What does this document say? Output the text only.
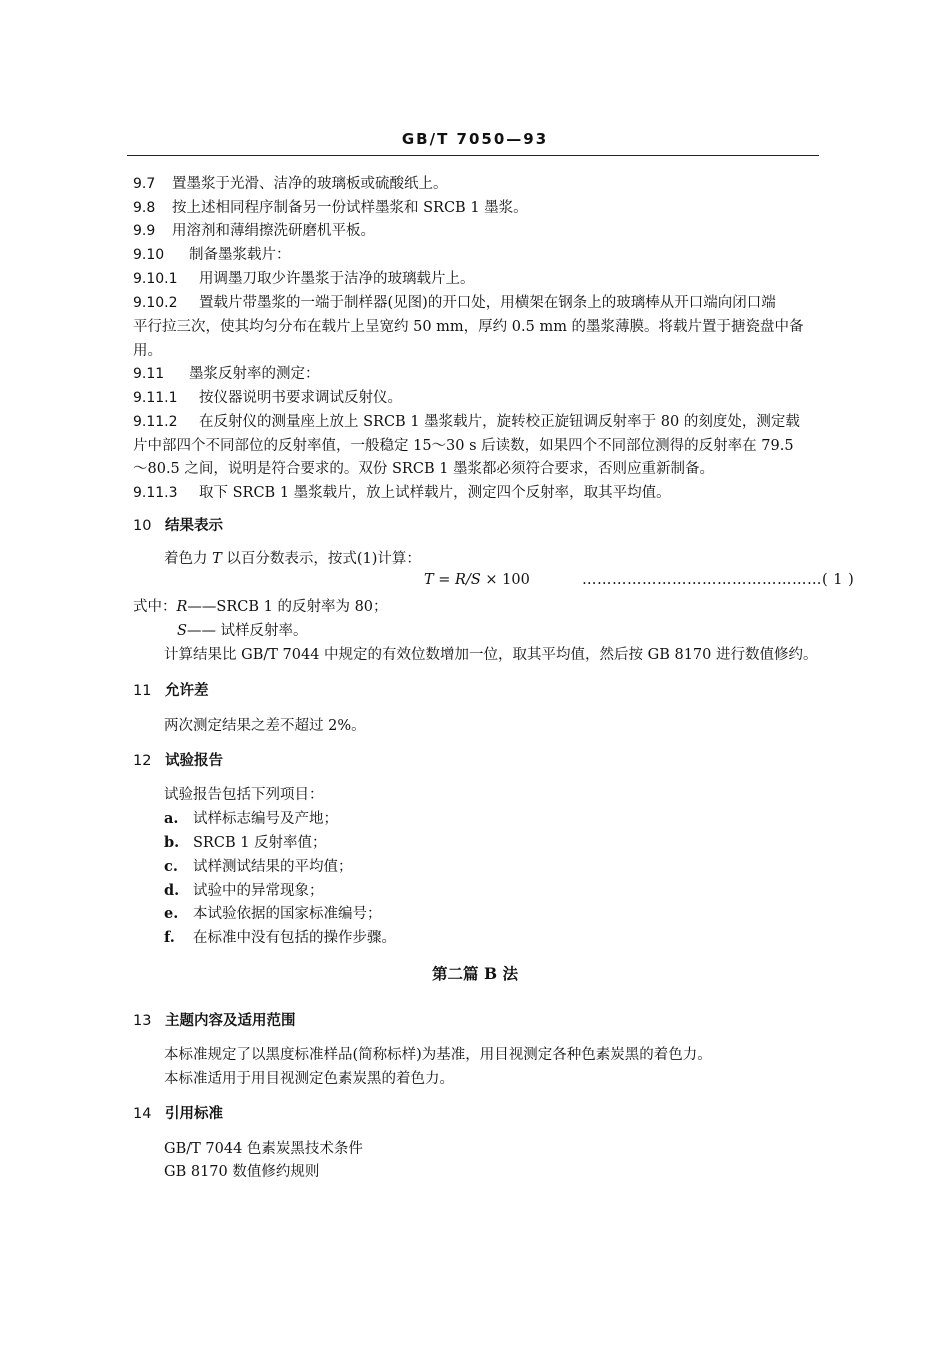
GB/T 7050—93
9.7 置墨浆于光滑、洁净的玻璃板或硫酸纸上。
9.8 按上述相同程序制备另一份试样墨浆和 SRCB 1 墨浆。
9.9 用溶剂和薄绢擦洗研磨机平板。
9.10 制备墨浆载片：
9.10.1 用调墨刀取少许墨浆于洁净的玻璃载片上。
9.10.2 置载片带墨浆的一端于制样器(见图)的开口处，用横架在钢条上的玻璃棒从开口端向闭口端
平行拉三次，使其均匀分布在载片上呈宽约 50 mm，厚约 0.5 mm 的墨浆薄膜。将载片置于搪瓷盘中备
用。
9.11 墨浆反射率的测定：
9.11.1 按仪器说明书要求调试反射仪。
9.11.2 在反射仪的测量座上放上 SRCB 1 墨浆载片，旋转校正旋钮调反射率于 80 的刻度处，测定载
片中部四个不同部位的反射率值，一般稳定 15～30 s 后读数，如果四个不同部位测得的反射率在 79.5
～80.5 之间，说明是符合要求的。双份 SRCB 1 墨浆都必须符合要求，否则应重新制备。
9.11.3 取下 SRCB 1 墨浆载片，放上试样载片，测定四个反射率，取其平均值。
10 结果表示
着色力 T 以百分数表示，按式(1)计算：
T = R/S × 100	…………………………………………( 1 )
式中：R——SRCB 1 的反射率为 80；
S—— 试样反射率。
计算结果比 GB/T 7044 中规定的有效位数增加一位，取其平均值，然后按 GB 8170 进行数值修约。
11 允许差
两次测定结果之差不超过 2%。
12 试验报告
试验报告包括下列项目：
a. 试样标志编号及产地；
b. SRCB 1 反射率值；
c. 试样测试结果的平均值；
d. 试验中的异常现象；
e. 本试验依据的国家标准编号；
f. 在标准中没有包括的操作步骤。
第二篇 B 法
13 主题内容及适用范围
本标准规定了以黑度标准样品(简称标样)为基准，用目视测定各种色素炭黑的着色力。
本标准适用于用目视测定色素炭黑的着色力。
14 引用标准
GB/T 7044 色素炭黑技术条件
GB 8170 数值修约规则
